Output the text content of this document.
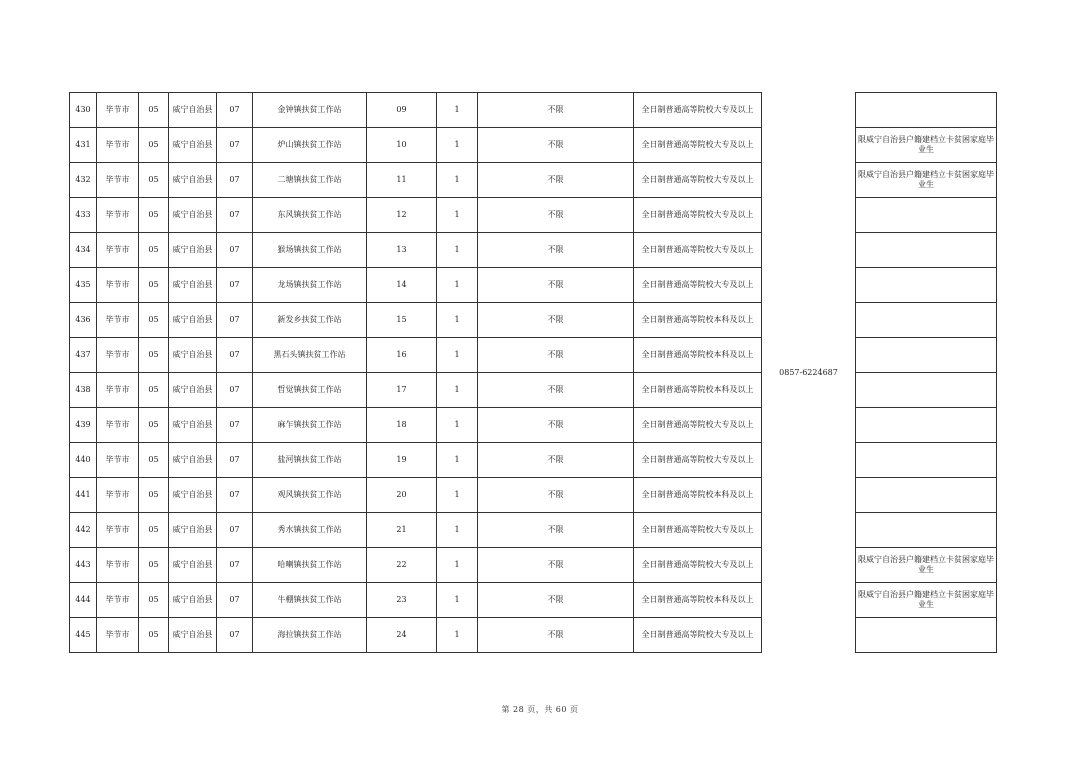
430	毕节市	05	威宁自治县	07	金钟镇扶贫工作站	09	1	不限	全日制普通高等院校大专及以上	0857-6224687	
431	毕节市	05	威宁自治县	07	炉山镇扶贫工作站	10	1	不限	全日制普通高等院校大专及以上		限威宁自治县户籍建档立卡贫困家庭毕业生
432	毕节市	05	威宁自治县	07	二塘镇扶贫工作站	11	1	不限	全日制普通高等院校大专及以上		限威宁自治县户籍建档立卡贫困家庭毕业生
433	毕节市	05	威宁自治县	07	东风镇扶贫工作站	12	1	不限	全日制普通高等院校大专及以上		
434	毕节市	05	威宁自治县	07	猴场镇扶贫工作站	13	1	不限	全日制普通高等院校大专及以上		
435	毕节市	05	威宁自治县	07	龙场镇扶贫工作站	14	1	不限	全日制普通高等院校大专及以上		
436	毕节市	05	威宁自治县	07	新发乡扶贫工作站	15	1	不限	全日制普通高等院校本科及以上		
437	毕节市	05	威宁自治县	07	黑石头镇扶贫工作站	16	1	不限	全日制普通高等院校本科及以上		
438	毕节市	05	威宁自治县	07	哲觉镇扶贫工作站	17	1	不限	全日制普通高等院校本科及以上		
439	毕节市	05	威宁自治县	07	麻乍镇扶贫工作站	18	1	不限	全日制普通高等院校大专及以上		
440	毕节市	05	威宁自治县	07	盐河镇扶贫工作站	19	1	不限	全日制普通高等院校大专及以上		
441	毕节市	05	威宁自治县	07	观风镇扶贫工作站	20	1	不限	全日制普通高等院校本科及以上		
442	毕节市	05	威宁自治县	07	秀水镇扶贫工作站	21	1	不限	全日制普通高等院校大专及以上		
443	毕节市	05	威宁自治县	07	哈喇镇扶贫工作站	22	1	不限	全日制普通高等院校大专及以上		限威宁自治县户籍建档立卡贫困家庭毕业生
444	毕节市	05	威宁自治县	07	牛棚镇扶贫工作站	23	1	不限	全日制普通高等院校本科及以上		限威宁自治县户籍建档立卡贫困家庭毕业生
445	毕节市	05	威宁自治县	07	海拉镇扶贫工作站	24	1	不限	全日制普通高等院校大专及以上		
第 28 页，共 60 页
